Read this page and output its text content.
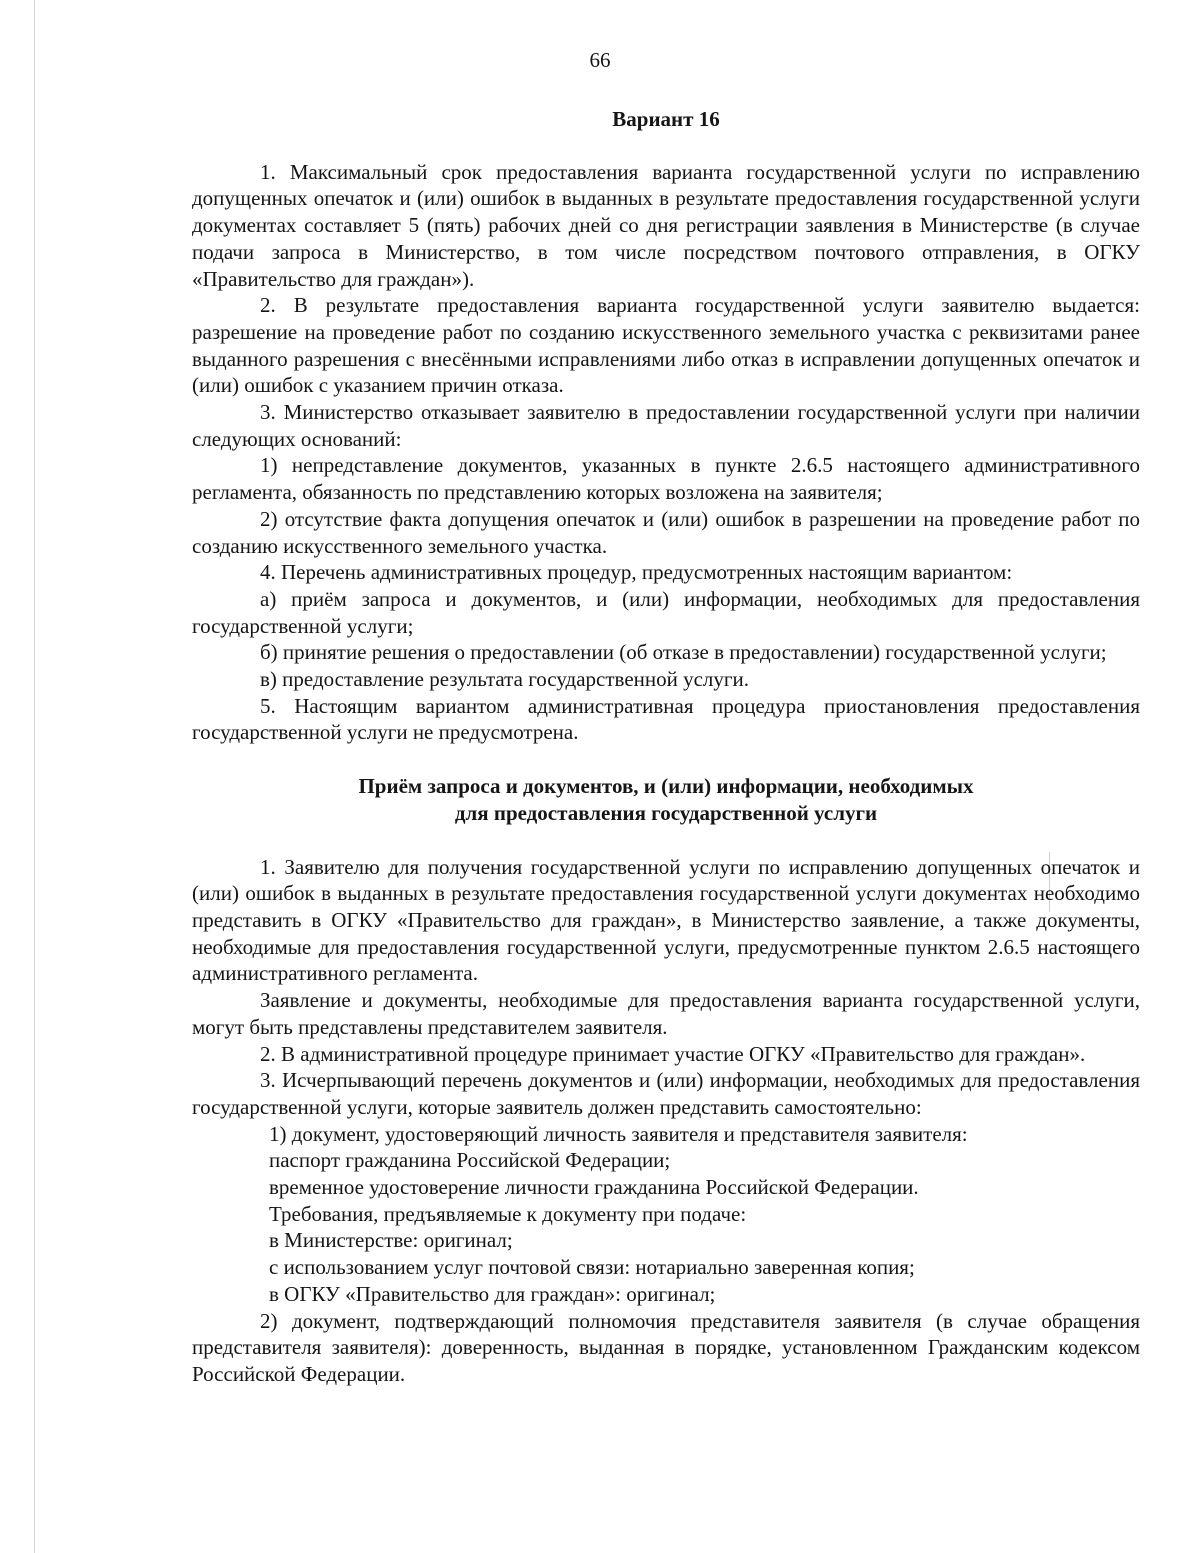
66

Вариант 16

1. Максимальный срок предоставления варианта государственной услуги по исправлению допущенных опечаток и (или) ошибок в выданных в результате предоставления государственной услуги документах составляет 5 (пять) рабочих дней со дня регистрации заявления в Министерстве (в случае подачи запроса в Министерство, в том числе посредством почтового отправления, в ОГКУ «Правительство для граждан»).

2. В результате предоставления варианта государственной услуги заявителю выдается: разрешение на проведение работ по созданию искусственного земельного участка с реквизитами ранее выданного разрешения с внесёнными исправлениями либо отказ в исправлении допущенных опечаток и (или) ошибок с указанием причин отказа.

3. Министерство отказывает заявителю в предоставлении государственной услуги при наличии следующих оснований:

1) непредставление документов, указанных в пункте 2.6.5 настоящего административного регламента, обязанность по представлению которых возложена на заявителя;

2) отсутствие факта допущения опечаток и (или) ошибок в разрешении на проведение работ по созданию искусственного земельного участка.

4. Перечень административных процедур, предусмотренных настоящим вариантом:

а) приём запроса и документов, и (или) информации, необходимых для предоставления государственной услуги;

б) принятие решения о предоставлении (об отказе в предоставлении) государственной услуги;

в) предоставление результата государственной услуги.

5. Настоящим вариантом административная процедура приостановления предоставления государственной услуги не предусмотрена.

Приём запроса и документов, и (или) информации, необходимых
для предоставления государственной услуги

1. Заявителю для получения государственной услуги по исправлению допущенных опечаток и (или) ошибок в выданных в результате предоставления государственной услуги документах необходимо представить в ОГКУ «Правительство для граждан», в Министерство заявление, а также документы, необходимые для предоставления государственной услуги, предусмотренные пунктом 2.6.5 настоящего административного регламента.

Заявление и документы, необходимые для предоставления варианта государственной услуги, могут быть представлены представителем заявителя.

2. В административной процедуре принимает участие ОГКУ «Правительство для граждан».

3. Исчерпывающий перечень документов и (или) информации, необходимых для предоставления государственной услуги, которые заявитель должен представить самостоятельно:

1) документ, удостоверяющий личность заявителя и представителя заявителя:

паспорт гражданина Российской Федерации;

временное удостоверение личности гражданина Российской Федерации.

Требования, предъявляемые к документу при подаче:

в Министерстве: оригинал;

с использованием услуг почтовой связи: нотариально заверенная копия;

в ОГКУ «Правительство для граждан»: оригинал;

2) документ, подтверждающий полномочия представителя заявителя (в случае обращения представителя заявителя): доверенность, выданная в порядке, установленном Гражданским кодексом Российской Федерации.
